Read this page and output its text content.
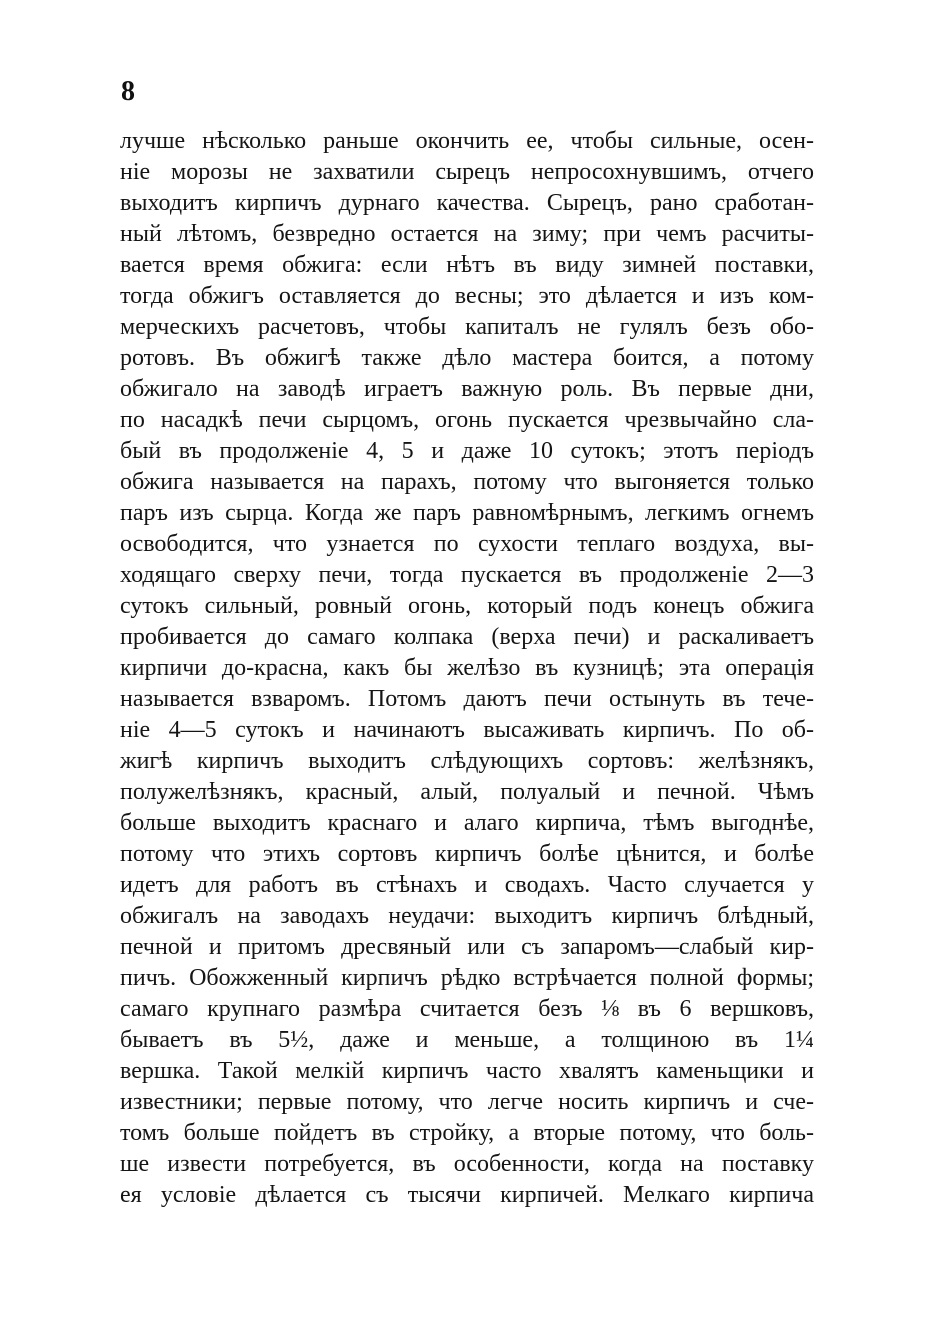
8
лучше нѣсколько раньше окончить ее, чтобы сильные, осен-
ніе морозы не захватили сырецъ непросохнувшимъ, отчего
выходитъ кирпичъ дурнаго качества. Сырецъ, рано сработан-
ный лѣтомъ, безвредно остается на зиму; при чемъ расчиты-
вается время обжига: если нѣтъ въ виду зимней поставки,
тогда обжигъ оставляется до весны; это дѣлается и изъ ком-
мерческихъ расчетовъ, чтобы капиталъ не гулялъ безъ обо-
ротовъ. Въ обжигѣ также дѣло мастера боится, а потому
обжигало на заводѣ играетъ важную роль. Въ первые дни,
по насадкѣ печи сырцомъ, огонь пускается чрезвычайно сла-
бый въ продолженіе 4, 5 и даже 10 сутокъ; этотъ періодъ
обжига называется на парахъ, потому что выгоняется только
паръ изъ сырца. Когда же паръ равномѣрнымъ, легкимъ огнемъ
освободится, что узнается по сухости теплаго воздуха, вы-
ходящаго сверху печи, тогда пускается въ продолженіе 2—3
сутокъ сильный, ровный огонь, который подъ конецъ обжига
пробивается до самаго колпака (верха печи) и раскаливаетъ
кирпичи до-красна, какъ бы желѣзо въ кузницѣ; эта операція
называется взваромъ. Потомъ даютъ печи остынуть въ тече-
ніе 4—5 сутокъ и начинаютъ высаживать кирпичъ. По об-
жигѣ кирпичъ выходитъ слѣдующихъ сортовъ: желѣзнякъ,
полужелѣзнякъ, красный, алый, полуалый и печной. Чѣмъ
больше выходитъ краснаго и алаго кирпича, тѣмъ выгоднѣе,
потому что этихъ сортовъ кирпичъ болѣе цѣнится, и болѣе
идетъ для работъ въ стѣнахъ и сводахъ. Часто случается у
обжигалъ на заводахъ неудачи: выходитъ кирпичъ блѣдный,
печной и притомъ дресвяный или съ запаромъ—слабый кир-
пичъ. Обожженный кирпичъ рѣдко встрѣчается полной формы;
самаго крупнаго размѣра считается безъ ⅛ въ 6 вершковъ,
бываетъ въ 5½, даже и меньше, а толщиною въ 1¼
вершка. Такой мелкій кирпичъ часто хвалятъ каменьщики и
известники; первые потому, что легче носить кирпичъ и сче-
томъ больше пойдетъ въ стройку, а вторые потому, что боль-
ше извести потребуется, въ особенности, когда на поставку
ея условіе дѣлается съ тысячи кирпичей. Мелкаго кирпича
